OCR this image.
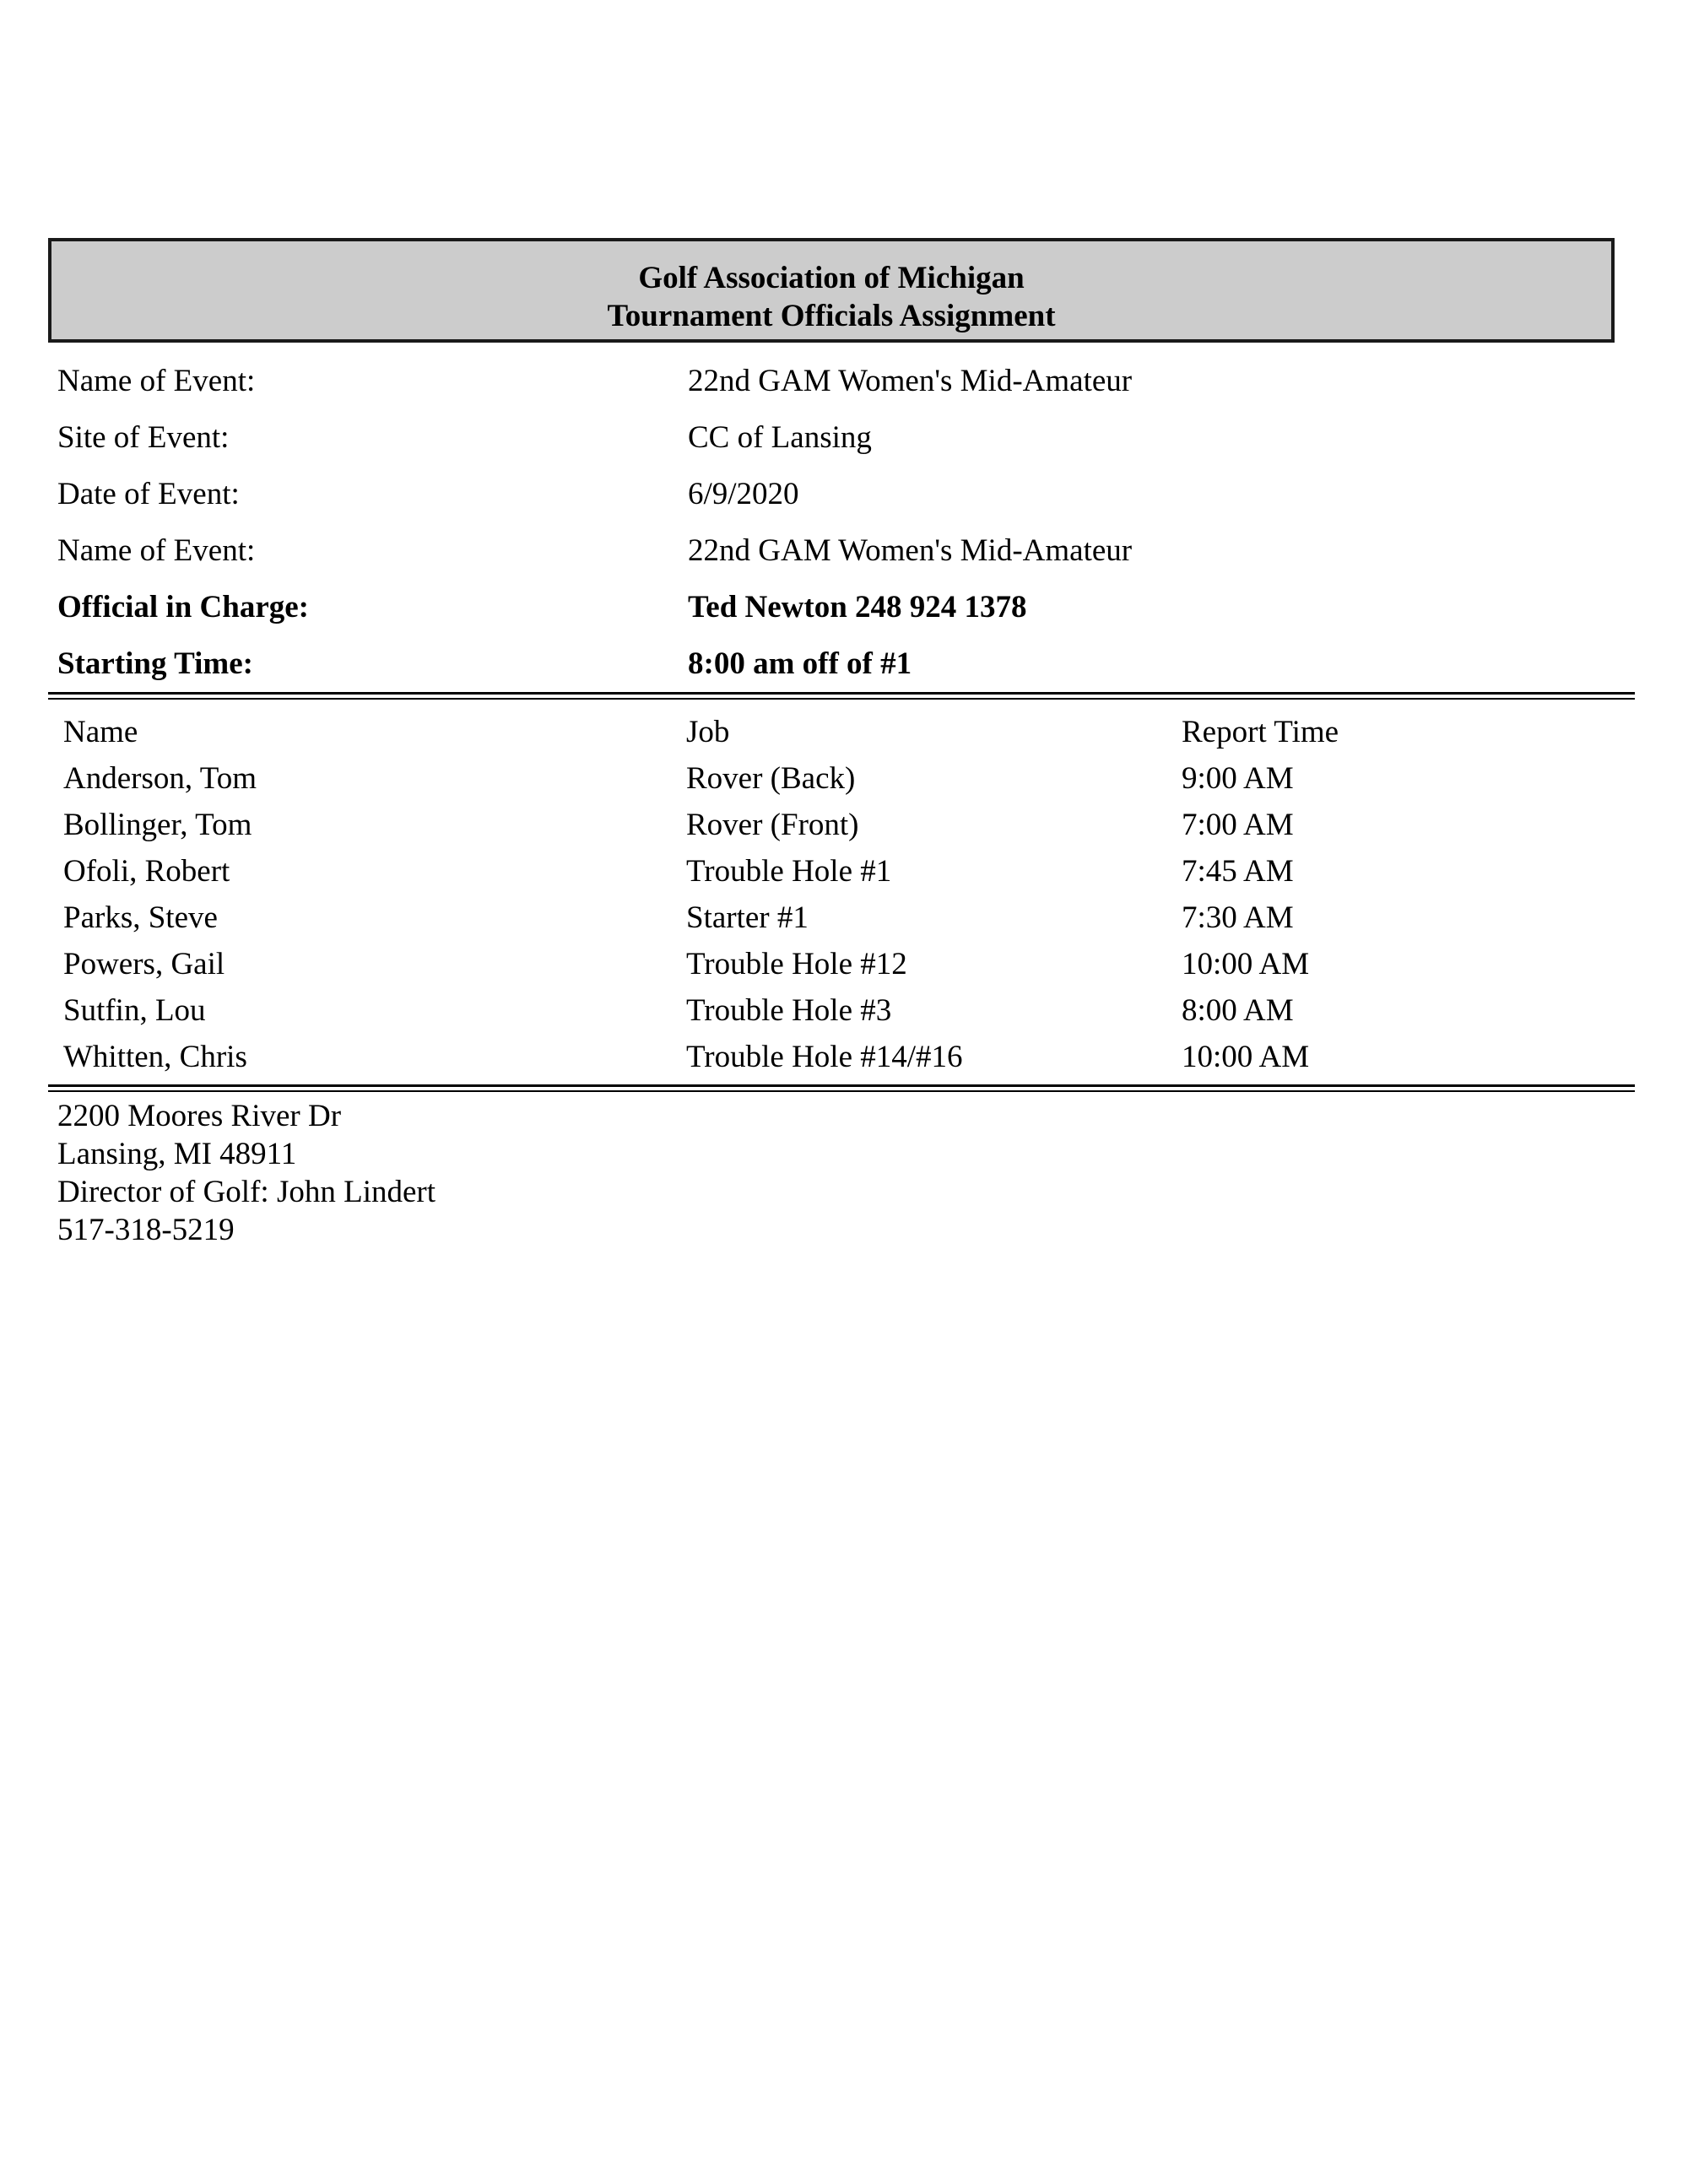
Golf Association of Michigan
Tournament Officials Assignment
Name of Event:	22nd GAM Women's Mid-Amateur
Site of Event:	CC of Lansing
Date of Event:	6/9/2020
Name of Event:	22nd GAM Women's Mid-Amateur
Official in Charge:	Ted Newton 248 924 1378
Starting Time:	8:00 am off of #1
Name	Job	Report Time
Anderson, Tom	Rover (Back)	9:00 AM
Bollinger, Tom	Rover (Front)	7:00 AM
Ofoli, Robert	Trouble Hole #1	7:45 AM
Parks, Steve	Starter #1	7:30 AM
Powers, Gail	Trouble Hole #12	10:00 AM
Sutfin, Lou	Trouble Hole #3	8:00 AM
Whitten, Chris	Trouble Hole #14/#16	10:00 AM
2200 Moores River Dr
Lansing, MI 48911
Director of Golf: John Lindert
517-318-5219
